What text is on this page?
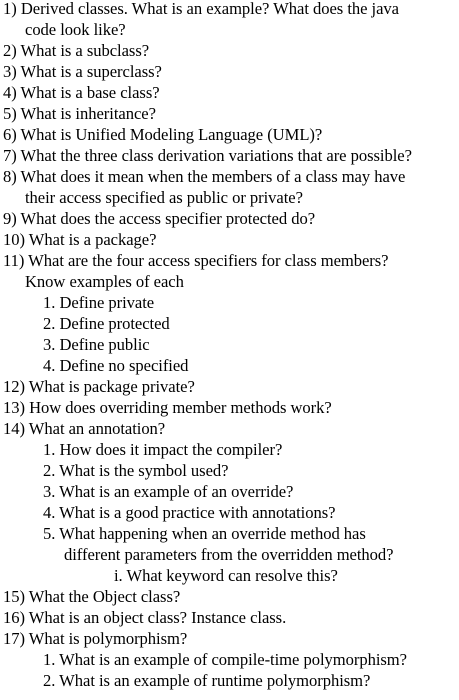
1) Derived classes. What is an example? What does the java
code look like?
2) What is a subclass?
3) What is a superclass?
4) What is a base class?
5) What is inheritance?
6) What is Unified Modeling Language (UML)?
7) What the three class derivation variations that are possible?
8) What does it mean when the members of a class may have
their access specified as public or private?
9) What does the access specifier protected do?
10) What is a package?
11) What are the four access specifiers for class members?
Know examples of each
1. Define private
2. Define protected
3. Define public
4. Define no specified
12) What is package private?
13) How does overriding member methods work?
14) What an annotation?
1. How does it impact the compiler?
2. What is the symbol used?
3. What is an example of an override?
4. What is a good practice with annotations?
5. What happening when an override method has
different parameters from the overridden method?
i. What keyword can resolve this?
15) What the Object class?
16) What is an object class? Instance class.
17) What is polymorphism?
1. What is an example of compile-time polymorphism?
2. What is an example of runtime polymorphism?
